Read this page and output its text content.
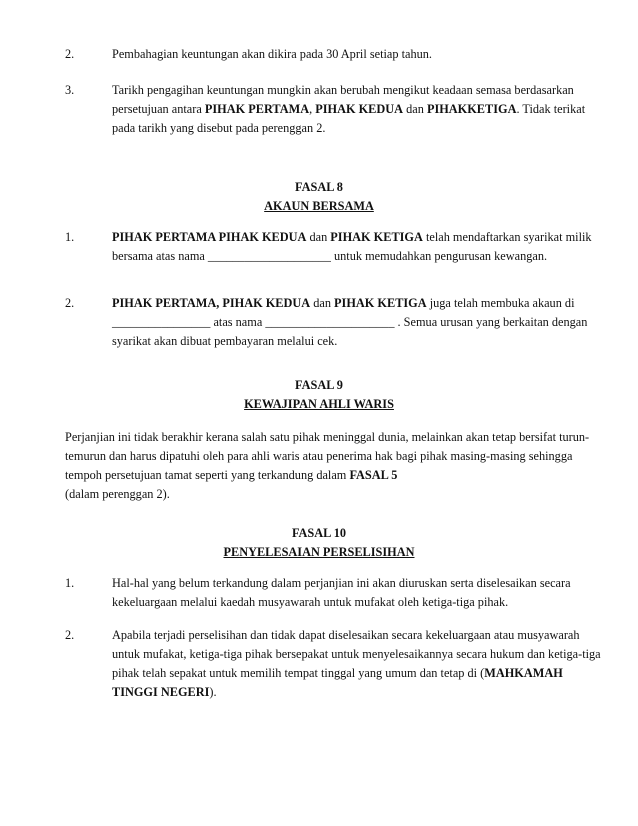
2.	Pembahagian keuntungan akan dikira pada 30 April setiap tahun.
3.	Tarikh pengagihan keuntungan mungkin akan berubah mengikut keadaan semasa berdasarkan persetujuan antara PIHAK PERTAMA, PIHAK KEDUA dan PIHAKKETIGA. Tidak terikat pada tarikh yang disebut pada perenggan 2.
FASAL 8
AKAUN BERSAMA
1.	PIHAK PERTAMA PIHAK KEDUA dan PIHAK KETIGA telah mendaftarkan syarikat milik bersama atas nama ____________________ untuk memudahkan pengurusan kewangan.
2.	PIHAK PERTAMA, PIHAK KEDUA dan PIHAK KETIGA juga telah membuka akaun di ________________ atas nama _____________________ . Semua urusan yang berkaitan dengan syarikat akan dibuat pembayaran melalui cek.
FASAL 9
KEWAJIPAN AHLI WARIS
Perjanjian ini tidak berakhir kerana salah satu pihak meninggal dunia, melainkan akan tetap bersifat turun-temurun dan harus dipatuhi oleh para ahli waris atau penerima hak bagi pihak masing-masing sehingga tempoh persetujuan tamat seperti yang terkandung dalam FASAL 5
(dalam perenggan 2).
FASAL 10
PENYELESAIAN PERSELISIHAN
1.	Hal-hal yang belum terkandung dalam perjanjian ini akan diuruskan serta diselesaikan secara kekeluargaan melalui kaedah musyawarah untuk mufakat oleh ketiga-tiga pihak.
2.	Apabila terjadi perselisihan dan tidak dapat diselesaikan secara kekeluargaan atau musyawarah untuk mufakat, ketiga-tiga pihak bersepakat untuk menyelesaikannya secara hukum dan ketiga-tiga pihak telah sepakat untuk memilih tempat tinggal yang umum dan tetap di (MAHKAMAH TINGGI NEGERI).
